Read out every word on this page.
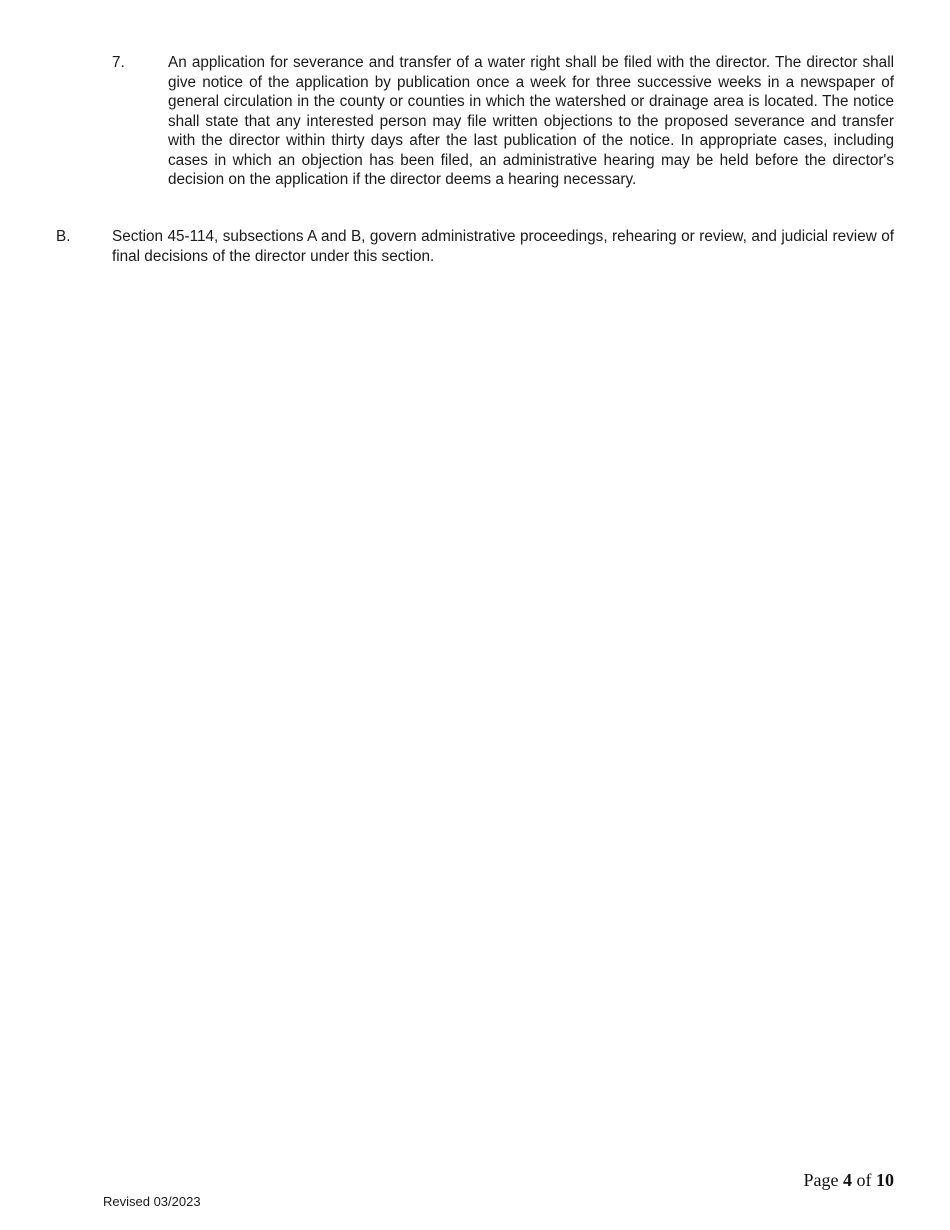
7.	An application for severance and transfer of a water right shall be filed with the director. The director shall give notice of the application by publication once a week for three successive weeks in a newspaper of general circulation in the county or counties in which the watershed or drainage area is located. The notice shall state that any interested person may file written objections to the proposed severance and transfer with the director within thirty days after the last publication of the notice. In appropriate cases, including cases in which an objection has been filed, an administrative hearing may be held before the director's decision on the application if the director deems a hearing necessary.
B.	Section 45-114, subsections A and B, govern administrative proceedings, rehearing or review, and judicial review of final decisions of the director under this section.
Page 4 of 10
Revised 03/2023
